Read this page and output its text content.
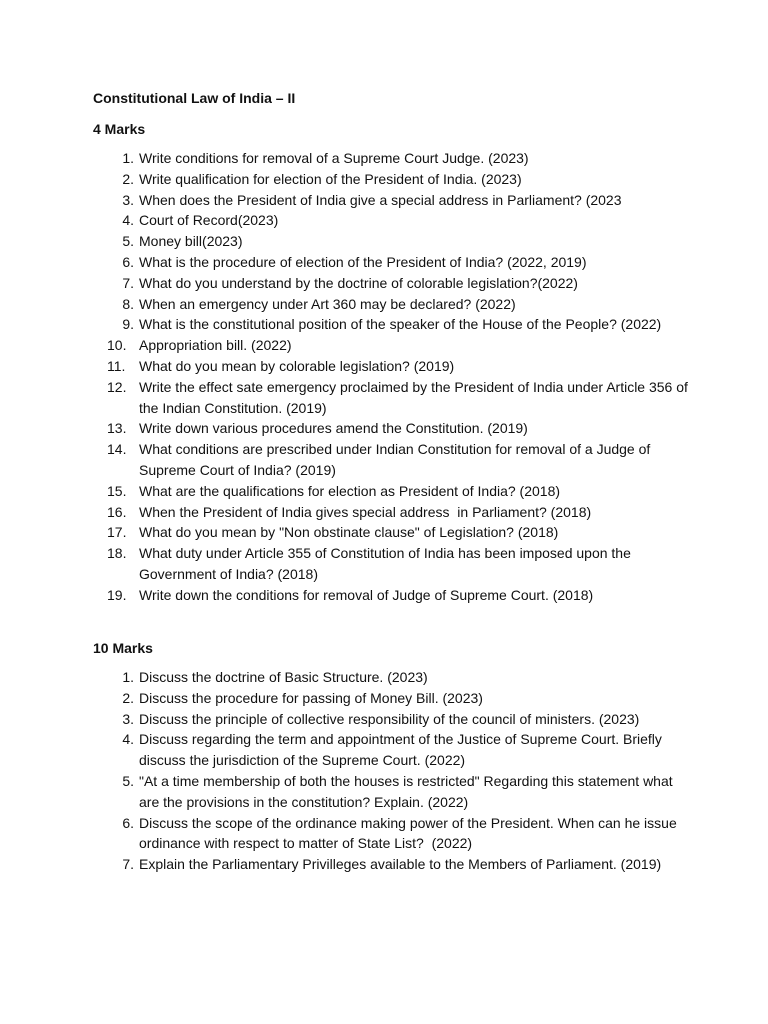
Constitutional Law of India – II
4 Marks
1. Write conditions for removal of a Supreme Court Judge. (2023)
2. Write qualification for election of the President of India. (2023)
3. When does the President of India give a special address in Parliament? (2023
4. Court of Record(2023)
5. Money bill(2023)
6. What is the procedure of election of the President of India? (2022, 2019)
7. What do you understand by the doctrine of colorable legislation?(2022)
8. When an emergency under Art 360 may be declared? (2022)
9. What is the constitutional position of the speaker of the House of the People? (2022)
10. Appropriation bill. (2022)
11. What do you mean by colorable legislation? (2019)
12. Write the effect sate emergency proclaimed by the President of India under Article 356 of the Indian Constitution. (2019)
13. Write down various procedures amend the Constitution. (2019)
14. What conditions are prescribed under Indian Constitution for removal of a Judge of Supreme Court of India? (2019)
15. What are the qualifications for election as President of India? (2018)
16. When the President of India gives special address  in Parliament? (2018)
17. What do you mean by "Non obstinate clause" of Legislation? (2018)
18. What duty under Article 355 of Constitution of India has been imposed upon the Government of India? (2018)
19. Write down the conditions for removal of Judge of Supreme Court. (2018)
10 Marks
1. Discuss the doctrine of Basic Structure. (2023)
2. Discuss the procedure for passing of Money Bill. (2023)
3. Discuss the principle of collective responsibility of the council of ministers. (2023)
4. Discuss regarding the term and appointment of the Justice of Supreme Court. Briefly discuss the jurisdiction of the Supreme Court. (2022)
5. "At a time membership of both the houses is restricted" Regarding this statement what are the provisions in the constitution? Explain. (2022)
6. Discuss the scope of the ordinance making power of the President. When can he issue ordinance with respect to matter of State List?  (2022)
7. Explain the Parliamentary Privilleges available to the Members of Parliament. (2019)
